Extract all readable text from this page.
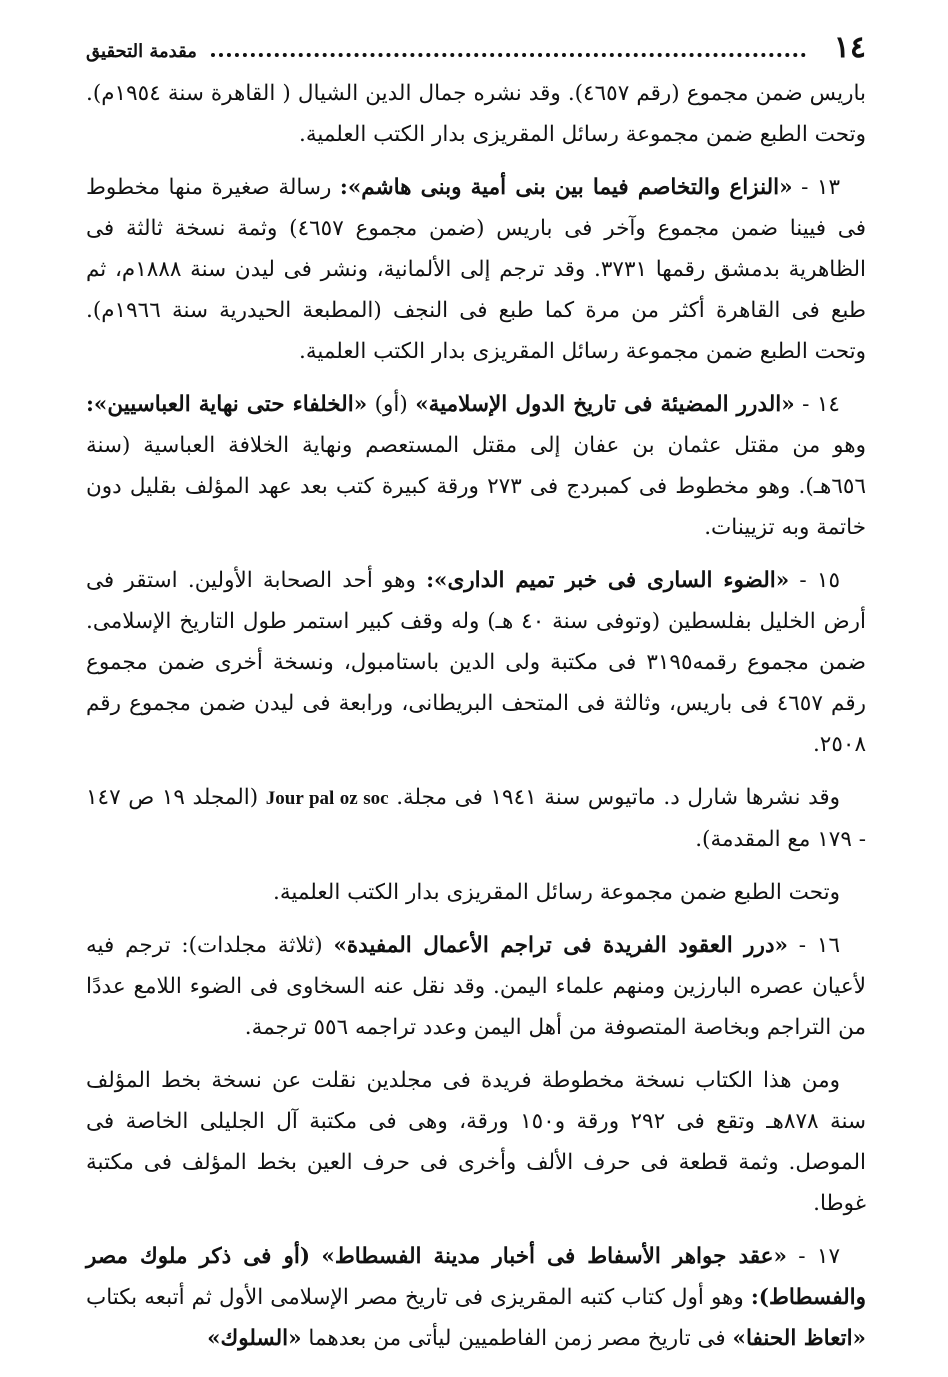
١٤
مقدمة التحقيق

باريس ضمن مجموع (رقم ٤٦٥٧). وقد نشره جمال الدين الشيال ( القاهرة سنة ١٩٥٤م). وتحت الطبع ضمن مجموعة رسائل المقريزى بدار الكتب العلمية.

١٣ - «النزاع والتخاصم فيما بين بنى أمية وبنى هاشم»: رسالة صغيرة منها مخطوط فى فيينا ضمن مجموع وآخر فى باريس (ضمن مجموع ٤٦٥٧) وثمة نسخة ثالثة فى الظاهرية بدمشق رقمها ٣٧٣١. وقد ترجم إلى الألمانية، ونشر فى ليدن سنة ١٨٨٨م، ثم طبع فى القاهرة أكثر من مرة كما طبع فى النجف (المطبعة الحيدرية سنة ١٩٦٦م). وتحت الطبع ضمن مجموعة رسائل المقريزى بدار الكتب العلمية.

١٤ - «الدرر المضيئة فى تاريخ الدول الإسلامية» (أو) «الخلفاء حتى نهاية العباسيين»: وهو من مقتل عثمان بن عفان إلى مقتل المستعصم ونهاية الخلافة العباسية (سنة ٦٥٦هـ). وهو مخطوط فى كمبردج فى ٢٧٣ ورقة كبيرة كتب بعد عهد المؤلف بقليل دون خاتمة وبه تزيينات.

١٥ - «الضوء السارى فى خبر تميم الدارى»: وهو أحد الصحابة الأولين. استقر فى أرض الخليل بفلسطين (وتوفى سنة ٤٠ هـ) وله وقف كبير استمر طول التاريخ الإسلامى. ضمن مجموع رقمه٣١٩٥ فى مكتبة ولى الدين باستامبول، ونسخة أخرى ضمن مجموع رقم ٤٦٥٧ فى باريس، وثالثة فى المتحف البريطانى، ورابعة فى ليدن ضمن مجموع رقم ٢٥٠٨.

وقد نشرها شارل د. ماتيوس سنة ١٩٤١ فى مجلة. Jour pal oz soc (المجلد ١٩ ص ١٤٧ - ١٧٩ مع المقدمة).

وتحت الطبع ضمن مجموعة رسائل المقريزى بدار الكتب العلمية.

١٦ - «درر العقود الفريدة فى تراجم الأعمال المفيدة» (ثلاثة مجلدات): ترجم فيه لأعيان عصره البارزين ومنهم علماء اليمن. وقد نقل عنه السخاوى فى الضوء اللامع عددًا من التراجم وبخاصة المتصوفة من أهل اليمن وعدد تراجمه ٥٥٦ ترجمة.

ومن هذا الكتاب نسخة مخطوطة فريدة فى مجلدين نقلت عن نسخة بخط المؤلف سنة ٨٧٨هـ وتقع فى ٢٩٢ ورقة و١٥٠ ورقة، وهى فى مكتبة آل الجليلى الخاصة فى الموصل. وثمة قطعة فى حرف الألف وأخرى فى حرف العين بخط المؤلف فى مكتبة غوطا.

١٧ - «عقد جواهر الأسفاط فى أخبار مدينة الفسطاط» (أو فى ذكر ملوك مصر والفسطاط): وهو أول كتاب كتبه المقريزى فى تاريخ مصر الإسلامى الأول ثم أتبعه بكتاب «اتعاظ الحنفا» فى تاريخ مصر زمن الفاطميين ليأتى من بعدهما «السلوك»
